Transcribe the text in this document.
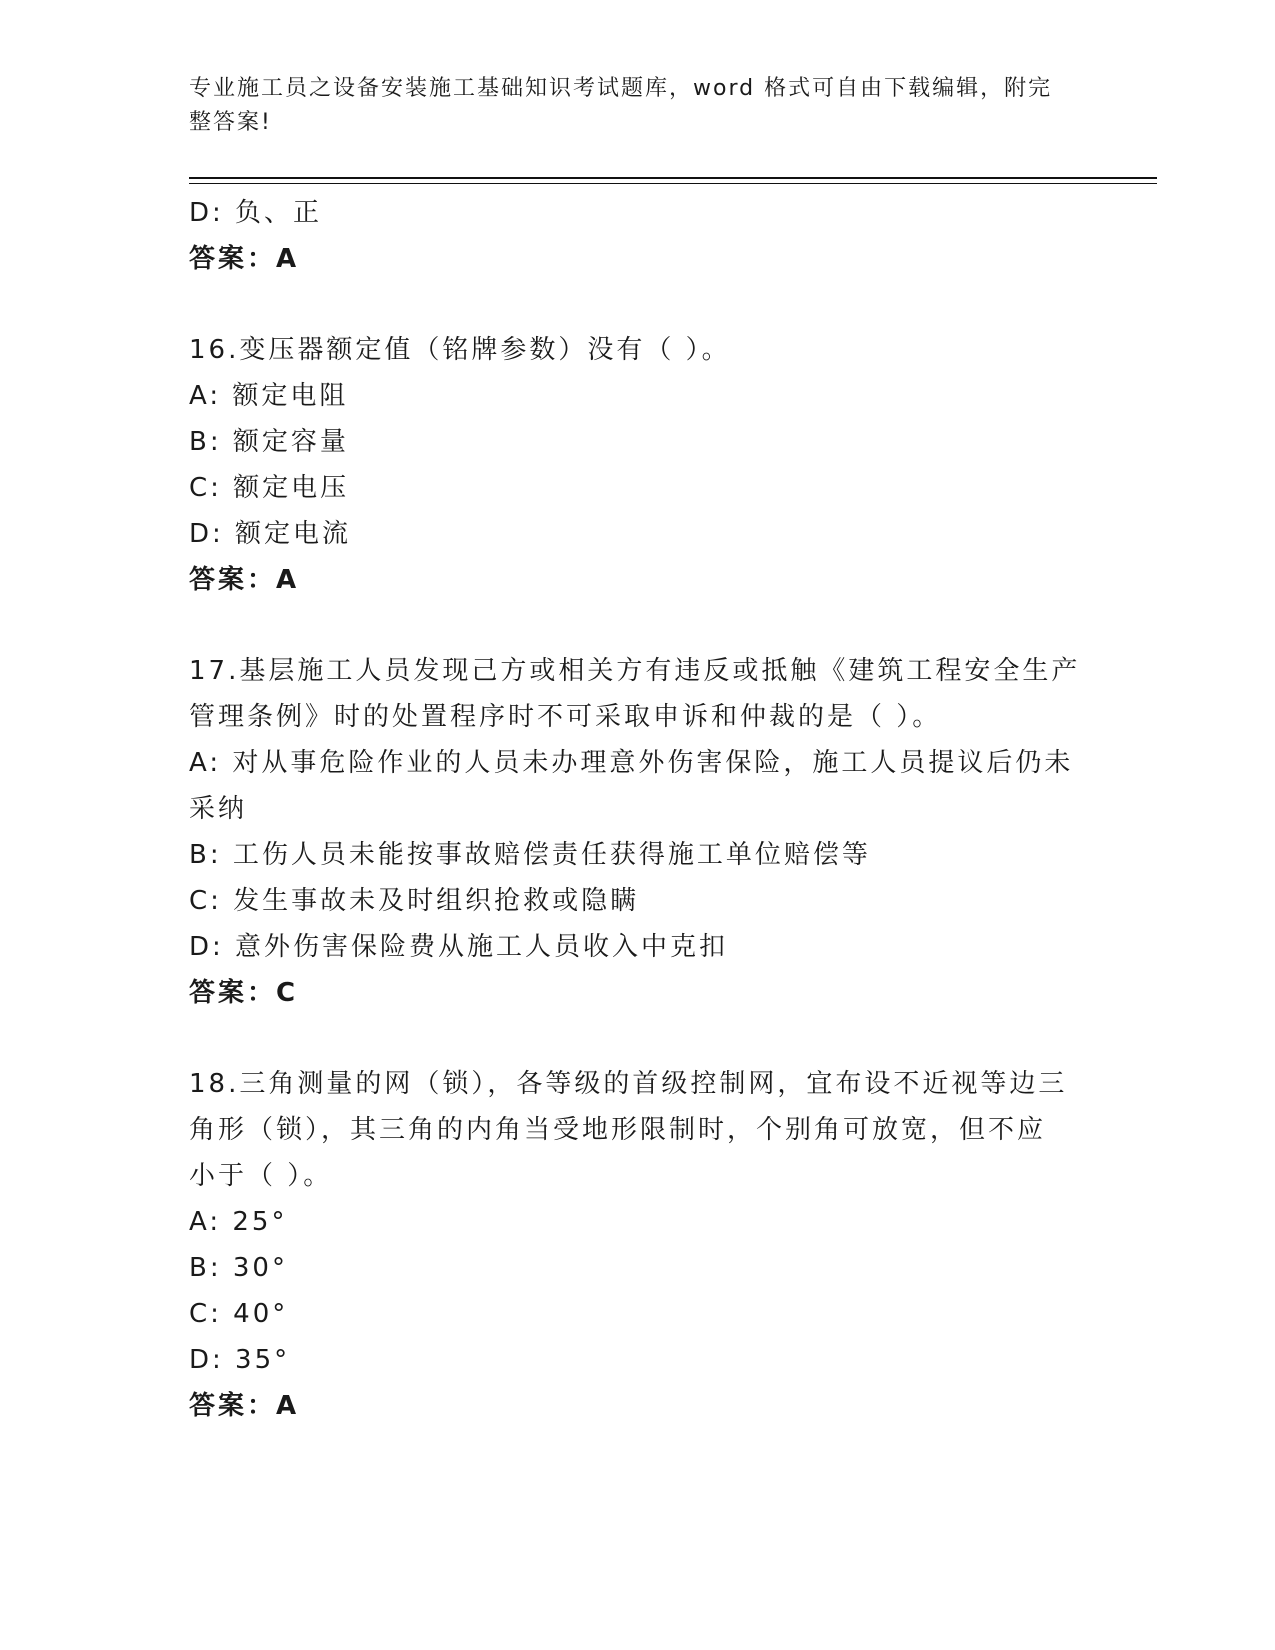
专业施工员之设备安装施工基础知识考试题库，word 格式可自由下载编辑，附完
整答案!
D: 负、正
答案：A
16.变压器额定值（铭牌参数）没有（ ）。
A: 额定电阻
B: 额定容量
C: 额定电压
D: 额定电流
答案：A
17.基层施工人员发现己方或相关方有违反或抵触《建筑工程安全生产
管理条例》时的处置程序时不可采取申诉和仲裁的是（ ）。
A: 对从事危险作业的人员未办理意外伤害保险，施工人员提议后仍未
采纳
B: 工伤人员未能按事故赔偿责任获得施工单位赔偿等
C: 发生事故未及时组织抢救或隐瞒
D: 意外伤害保险费从施工人员收入中克扣
答案：C
18.三角测量的网（锁），各等级的首级控制网，宜布设不近视等边三
角形（锁），其三角的内角当受地形限制时，个别角可放宽，但不应
小于（ ）。
A: 25°
B: 30°
C: 40°
D: 35°
答案：A
